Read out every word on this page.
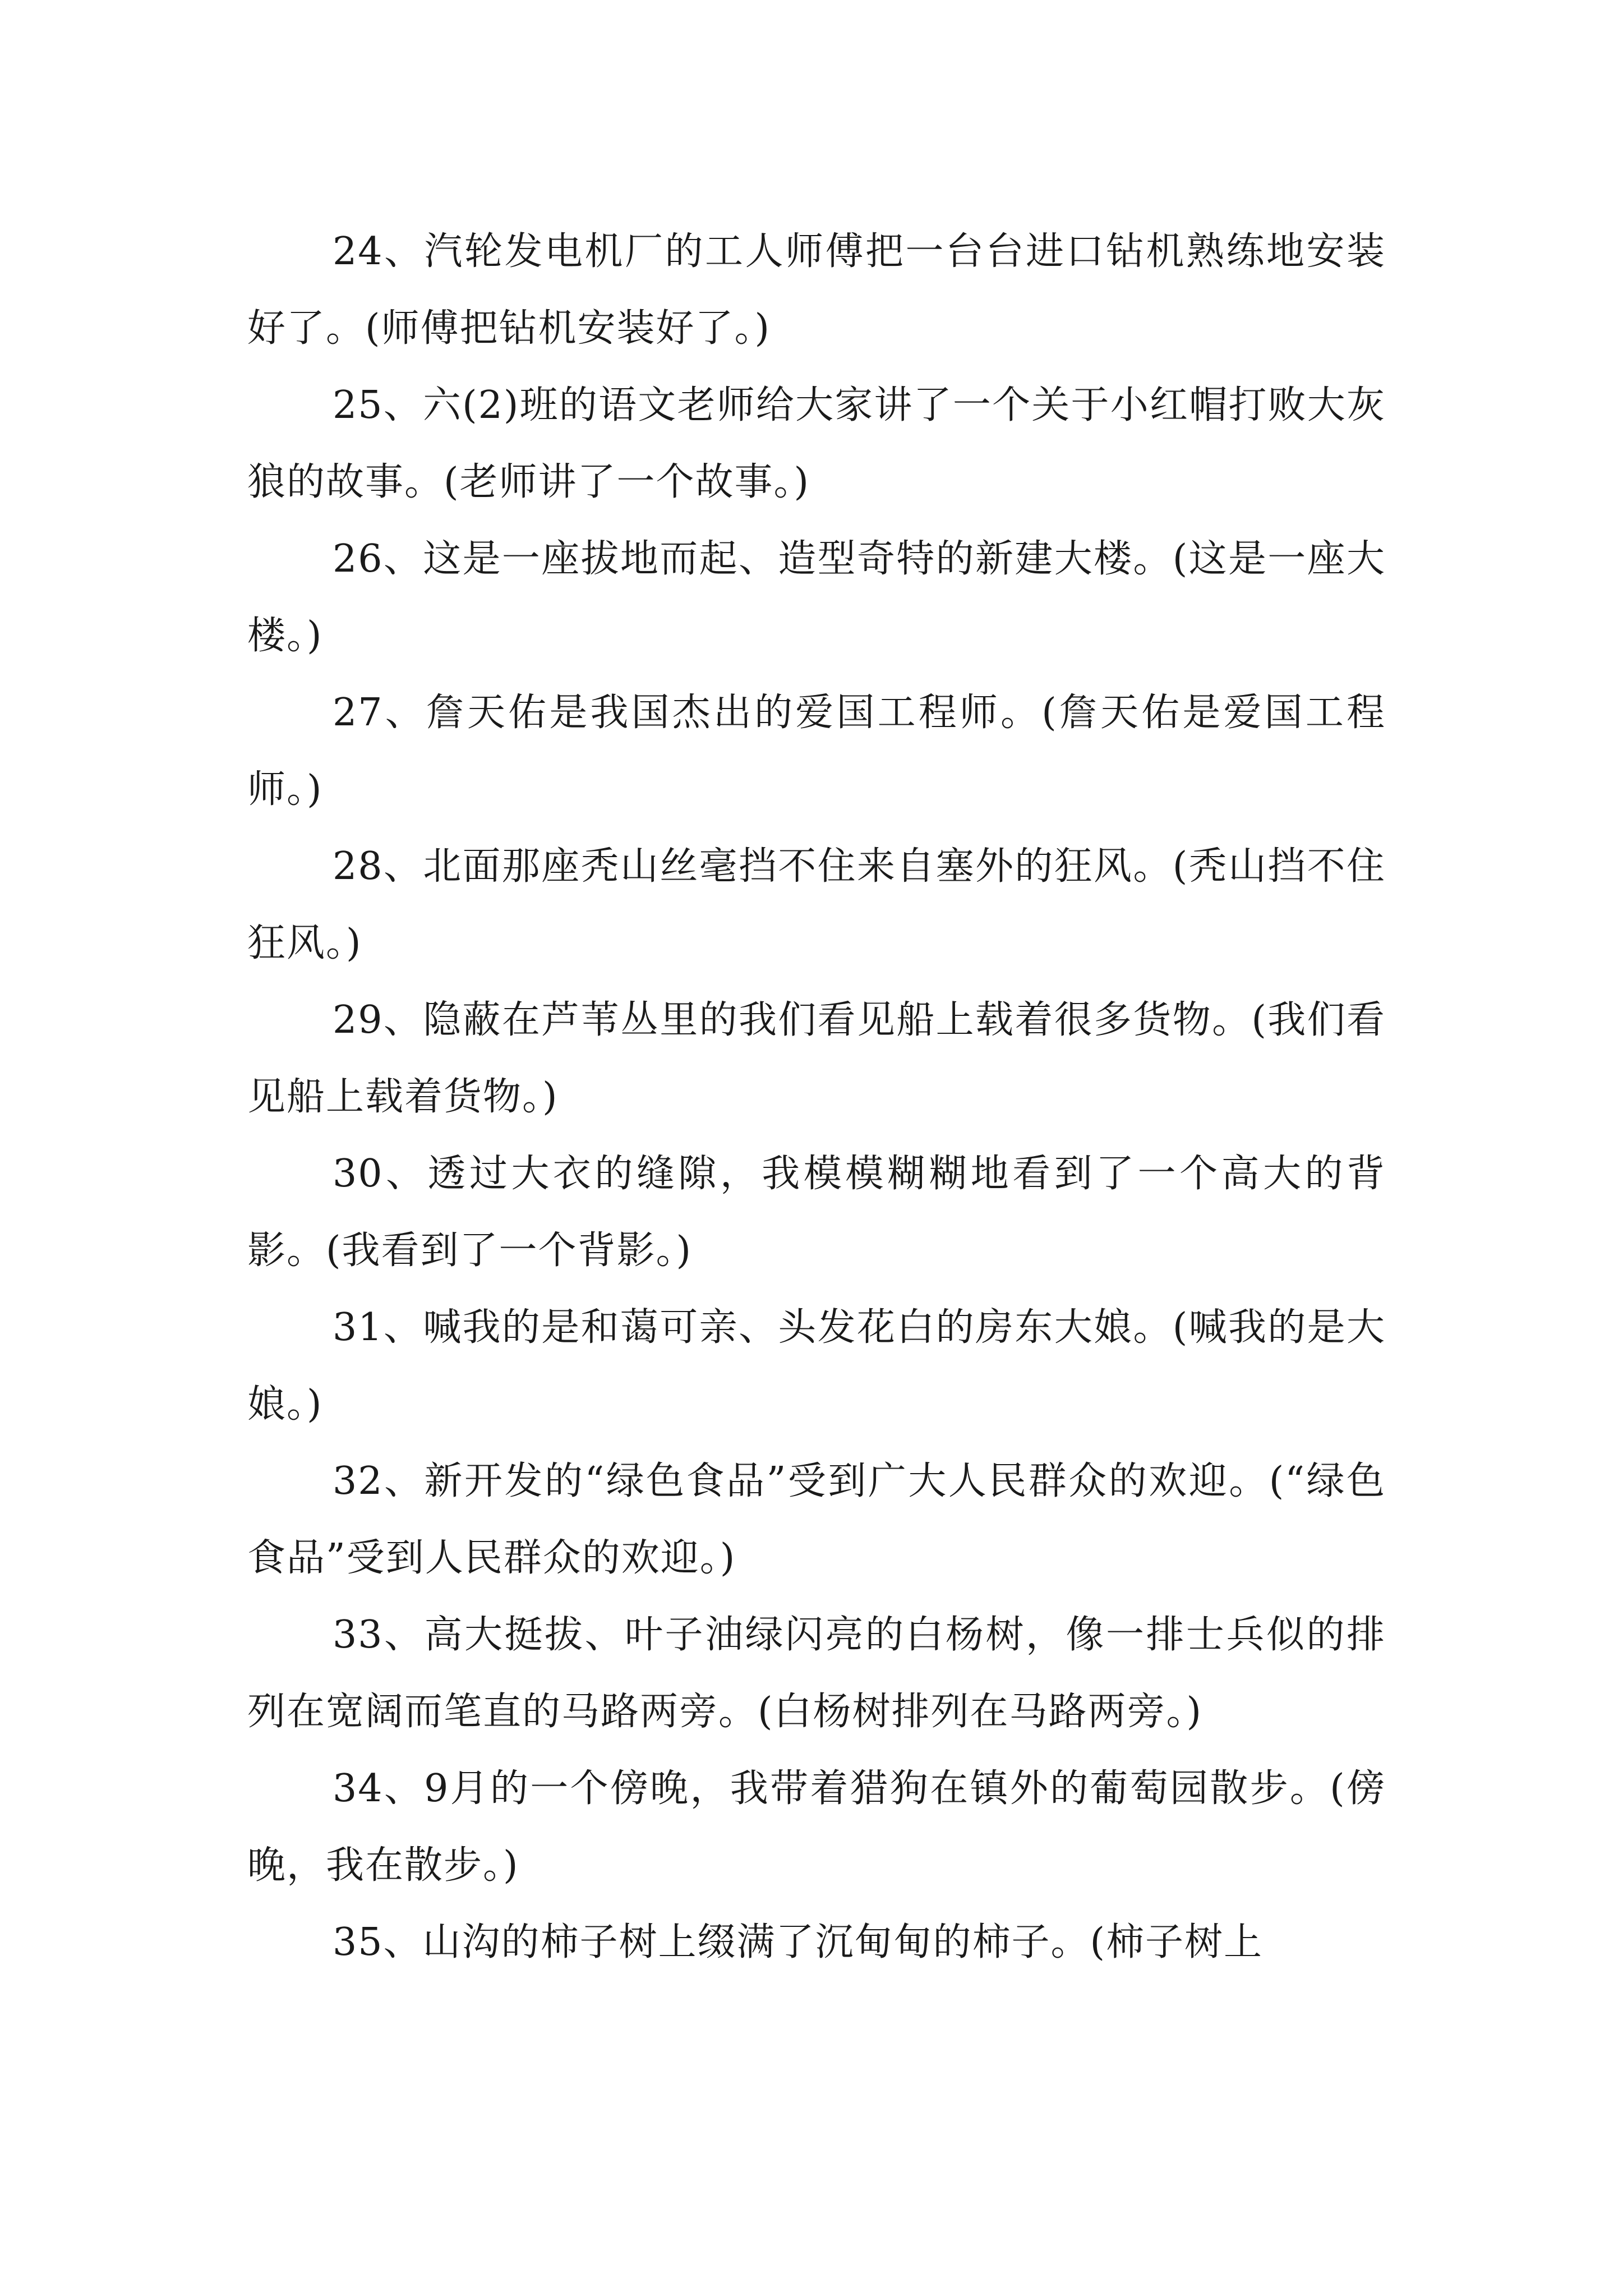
24、汽轮发电机厂的工人师傅把一台台进口钻机熟练地安装好了。(师傅把钻机安装好了。)

25、六(2)班的语文老师给大家讲了一个关于小红帽打败大灰狼的故事。(老师讲了一个故事。)

26、这是一座拔地而起、造型奇特的新建大楼。(这是一座大楼。)

27、詹天佑是我国杰出的爱国工程师。(詹天佑是爱国工程师。)

28、北面那座秃山丝毫挡不住来自塞外的狂风。(秃山挡不住狂风。)

29、隐蔽在芦苇丛里的我们看见船上载着很多货物。(我们看见船上载着货物。)

30、透过大衣的缝隙，我模模糊糊地看到了一个高大的背影。(我看到了一个背影。)

31、喊我的是和蔼可亲、头发花白的房东大娘。(喊我的是大娘。)

32、新开发的“绿色食品”受到广大人民群众的欢迎。(“绿色食品”受到人民群众的欢迎。)

33、高大挺拔、叶子油绿闪亮的白杨树，像一排士兵似的排列在宽阔而笔直的马路两旁。(白杨树排列在马路两旁。)

34、9月的一个傍晚，我带着猎狗在镇外的葡萄园散步。(傍晚，我在散步。)

35、山沟的柿子树上缀满了沉甸甸的柿子。(柿子树上
